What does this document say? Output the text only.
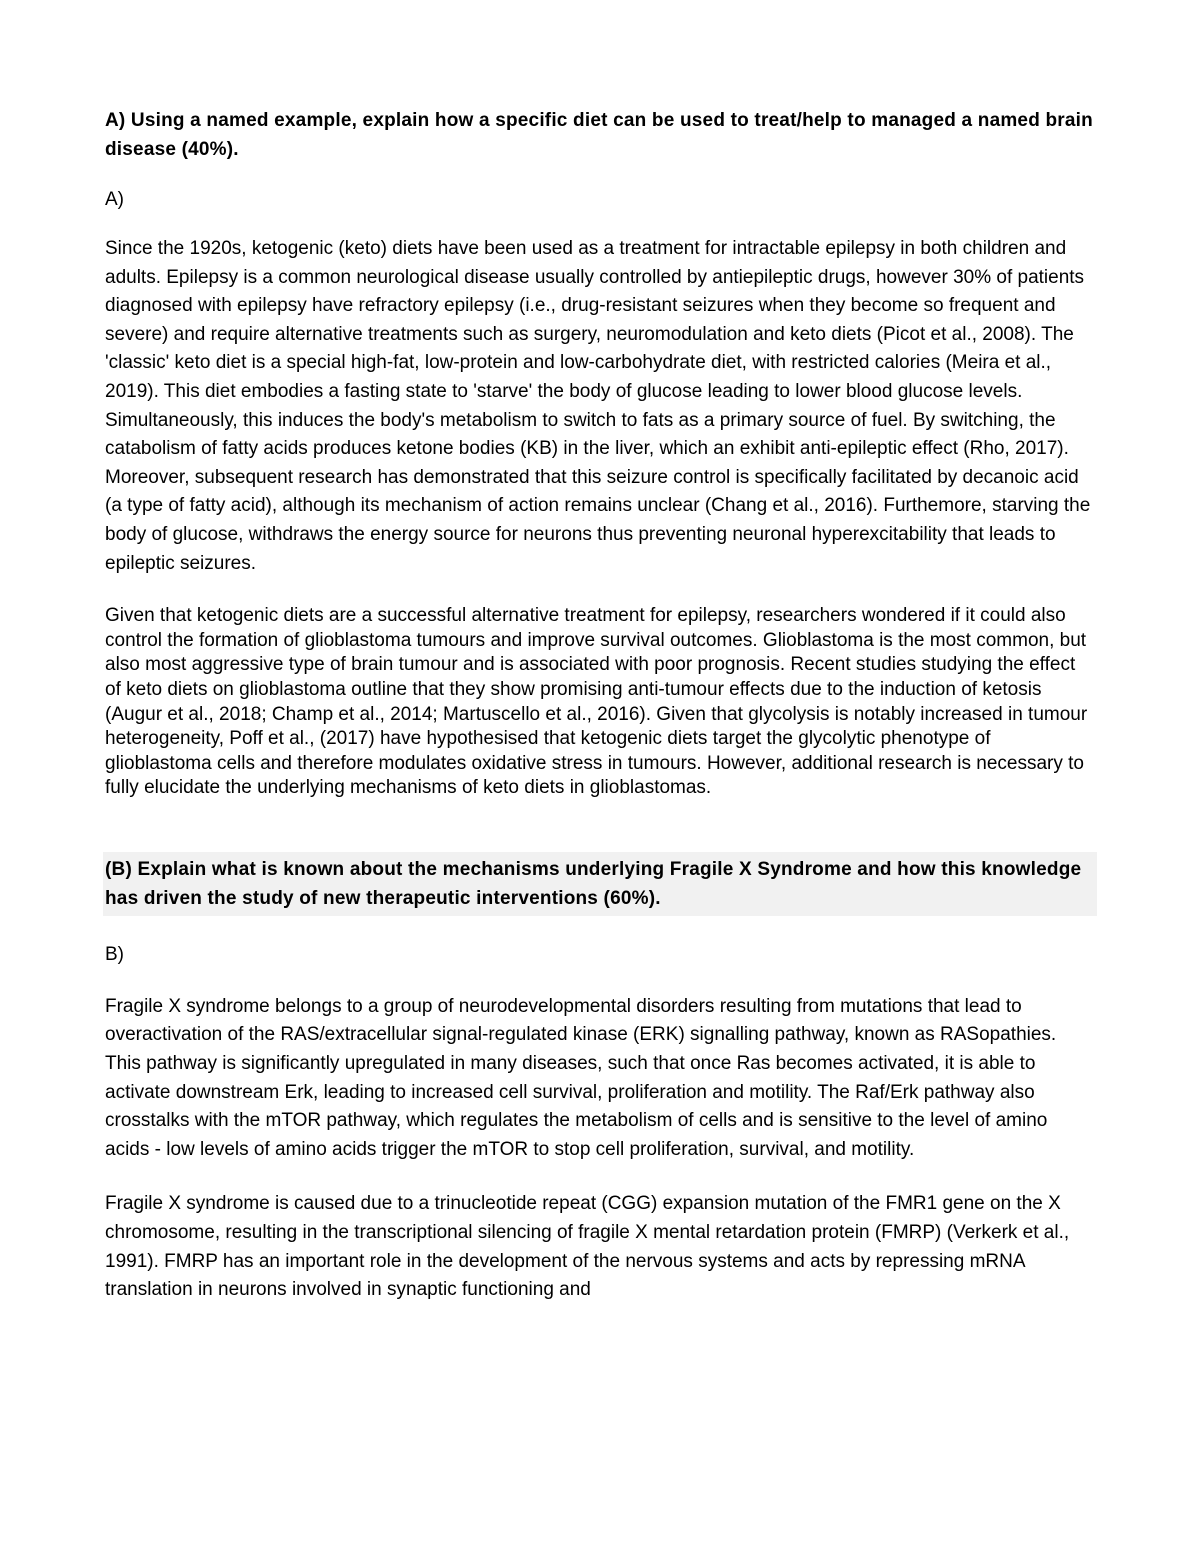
A) Using a named example, explain how a specific diet can be used to treat/help to managed a named brain disease (40%).

A)

Since the 1920s, ketogenic (keto) diets have been used as a treatment for intractable epilepsy in both children and adults. Epilepsy is a common neurological disease usually controlled by antiepileptic drugs, however 30% of patients diagnosed with epilepsy have refractory epilepsy (i.e., drug-resistant seizures when they become so frequent and severe) and require alternative treatments such as surgery, neuromodulation and keto diets (Picot et al., 2008). The 'classic' keto diet is a special high-fat, low-protein and low-carbohydrate diet, with restricted calories (Meira et al., 2019). This diet embodies a fasting state to 'starve' the body of glucose leading to lower blood glucose levels. Simultaneously, this induces the body's metabolism to switch to fats as a primary source of fuel. By switching, the catabolism of fatty acids produces ketone bodies (KB) in the liver, which an exhibit anti-epileptic effect (Rho, 2017). Moreover, subsequent research has demonstrated that this seizure control is specifically facilitated by decanoic acid (a type of fatty acid), although its mechanism of action remains unclear (Chang et al., 2016). Furthemore, starving the body of glucose, withdraws the energy source for neurons thus preventing neuronal hyperexcitability that leads to epileptic seizures.

Given that ketogenic diets are a successful alternative treatment for epilepsy, researchers wondered if it could also control the formation of glioblastoma tumours and improve survival outcomes. Glioblastoma is the most common, but also most aggressive type of brain tumour and is associated with poor prognosis. Recent studies studying the effect of keto diets on glioblastoma outline that they show promising anti-tumour effects due to the induction of ketosis (Augur et al., 2018; Champ et al., 2014; Martuscello et al., 2016). Given that glycolysis is notably increased in tumour heterogeneity, Poff et al., (2017) have hypothesised that ketogenic diets target the glycolytic phenotype of glioblastoma cells and therefore modulates oxidative stress in tumours. However, additional research is necessary to fully elucidate the underlying mechanisms of keto diets in glioblastomas.

(B) Explain what is known about the mechanisms underlying Fragile X Syndrome and how this knowledge has driven the study of new therapeutic interventions (60%).

B)

Fragile X syndrome belongs to a group of neurodevelopmental disorders resulting from mutations that lead to overactivation of the RAS/extracellular signal-regulated kinase (ERK) signalling pathway, known as RASopathies. This pathway is significantly upregulated in many diseases, such that once Ras becomes activated, it is able to activate downstream Erk, leading to increased cell survival, proliferation and motility. The Raf/Erk pathway also crosstalks with the mTOR pathway, which regulates the metabolism of cells and is sensitive to the level of amino acids - low levels of amino acids trigger the mTOR to stop cell proliferation, survival, and motility.

Fragile X syndrome is caused due to a trinucleotide repeat (CGG) expansion mutation of the FMR1 gene on the X chromosome, resulting in the transcriptional silencing of fragile X mental retardation protein (FMRP) (Verkerk et al., 1991). FMRP has an important role in the development of the nervous systems and acts by repressing mRNA translation in neurons involved in synaptic functioning and
